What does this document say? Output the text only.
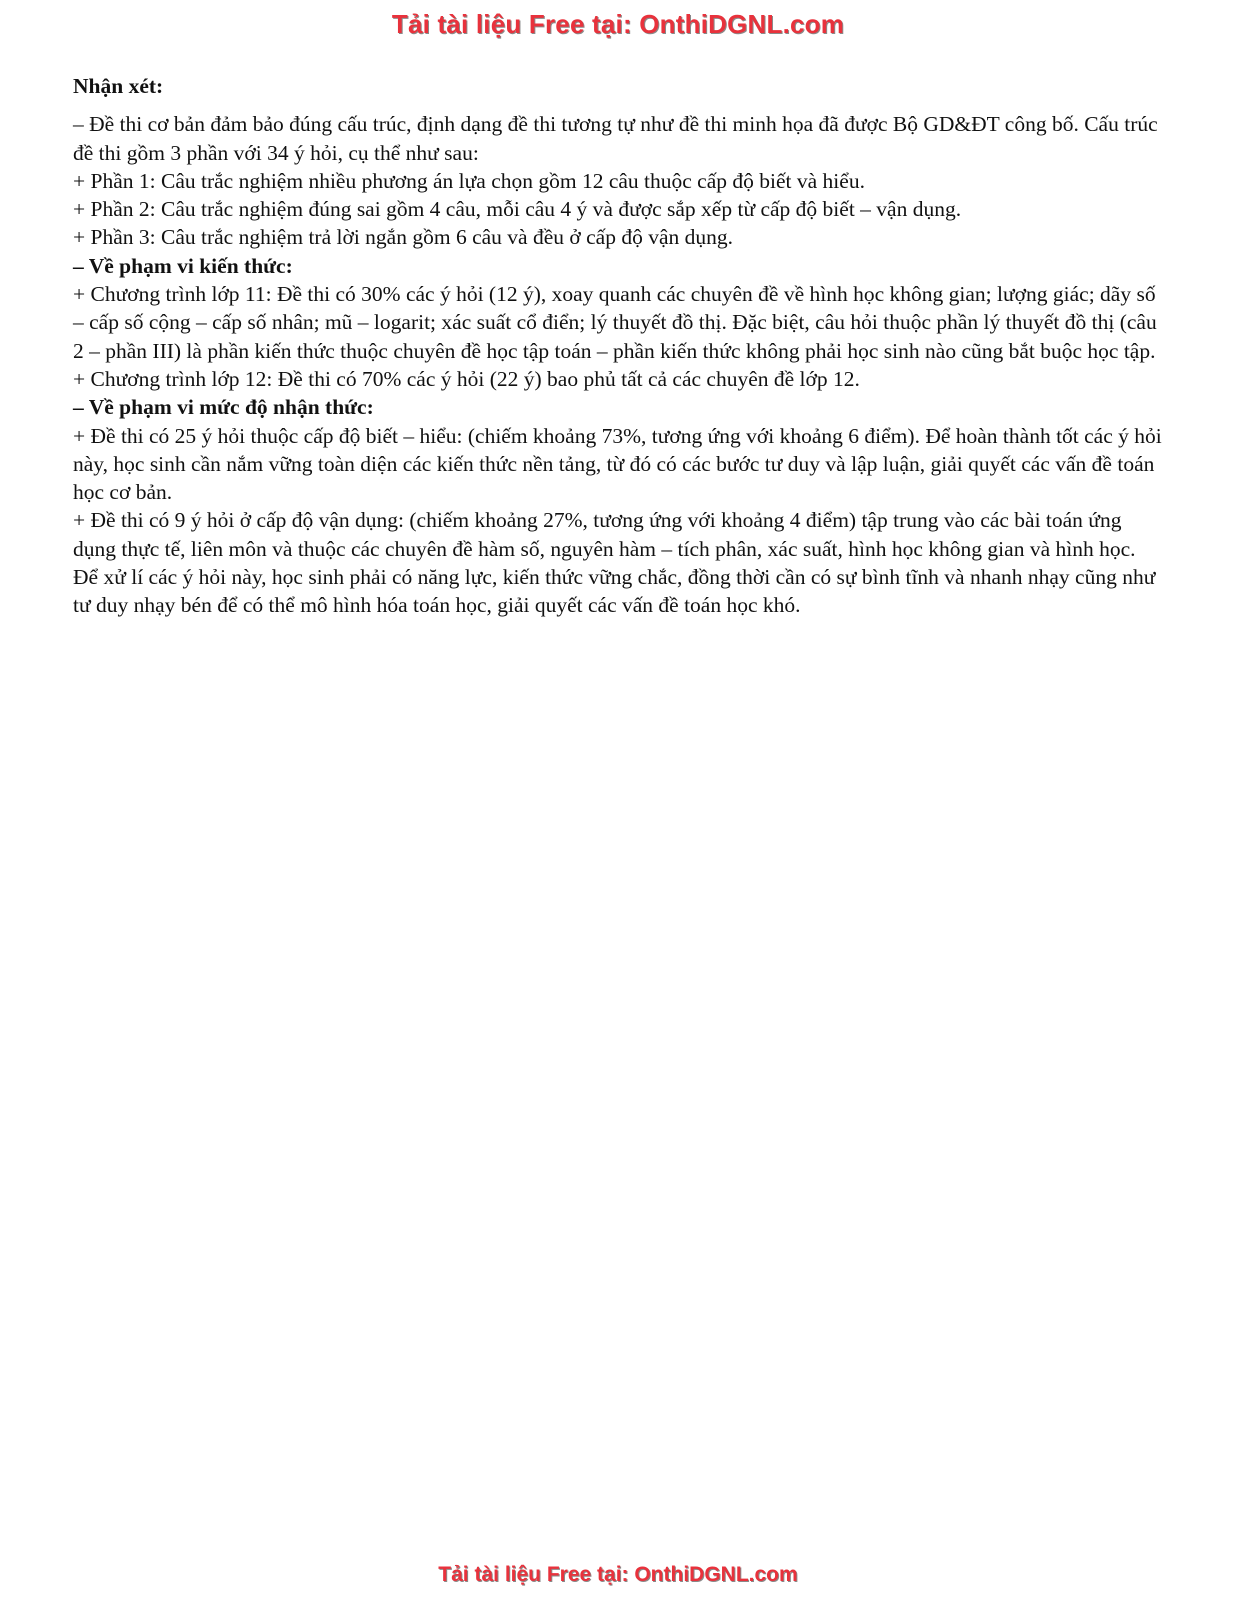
Tải tài liệu Free tại: OnthiDGNL.com

Nhận xét:

– Đề thi cơ bản đảm bảo đúng cấu trúc, định dạng đề thi tương tự như đề thi minh họa đã được Bộ GD&ĐT công bố. Cấu trúc đề thi gồm 3 phần với 34 ý hỏi, cụ thể như sau:

+ Phần 1: Câu trắc nghiệm nhiều phương án lựa chọn gồm 12 câu thuộc cấp độ biết và hiểu.

+ Phần 2: Câu trắc nghiệm đúng sai gồm 4 câu, mỗi câu 4 ý và được sắp xếp từ cấp độ biết – vận dụng.

+ Phần 3: Câu trắc nghiệm trả lời ngắn gồm 6 câu và đều ở cấp độ vận dụng.

– Về phạm vi kiến thức:

+ Chương trình lớp 11: Đề thi có 30% các ý hỏi (12 ý), xoay quanh các chuyên đề về hình học không gian; lượng giác; dãy số – cấp số cộng – cấp số nhân; mũ – logarit; xác suất cổ điển; lý thuyết đồ thị. Đặc biệt, câu hỏi thuộc phần lý thuyết đồ thị (câu 2 – phần III) là phần kiến thức thuộc chuyên đề học tập toán – phần kiến thức không phải học sinh nào cũng bắt buộc học tập.

+ Chương trình lớp 12: Đề thi có 70% các ý hỏi (22 ý) bao phủ tất cả các chuyên đề lớp 12.

– Về phạm vi mức độ nhận thức:

+ Đề thi có 25 ý hỏi thuộc cấp độ biết – hiểu: (chiếm khoảng 73%, tương ứng với khoảng 6 điểm). Để hoàn thành tốt các ý hỏi này, học sinh cần nắm vững toàn diện các kiến thức nền tảng, từ đó có các bước tư duy và lập luận, giải quyết các vấn đề toán học cơ bản.

+ Đề thi có 9 ý hỏi ở cấp độ vận dụng: (chiếm khoảng 27%, tương ứng với khoảng 4 điểm) tập trung vào các bài toán ứng dụng thực tế, liên môn và thuộc các chuyên đề hàm số, nguyên hàm – tích phân, xác suất, hình học không gian và hình học. Để xử lí các ý hỏi này, học sinh phải có năng lực, kiến thức vững chắc, đồng thời cần có sự bình tĩnh và nhanh nhạy cũng như tư duy nhạy bén để có thể mô hình hóa toán học, giải quyết các vấn đề toán học khó.

Tải tài liệu Free tại: OnthiDGNL.com
